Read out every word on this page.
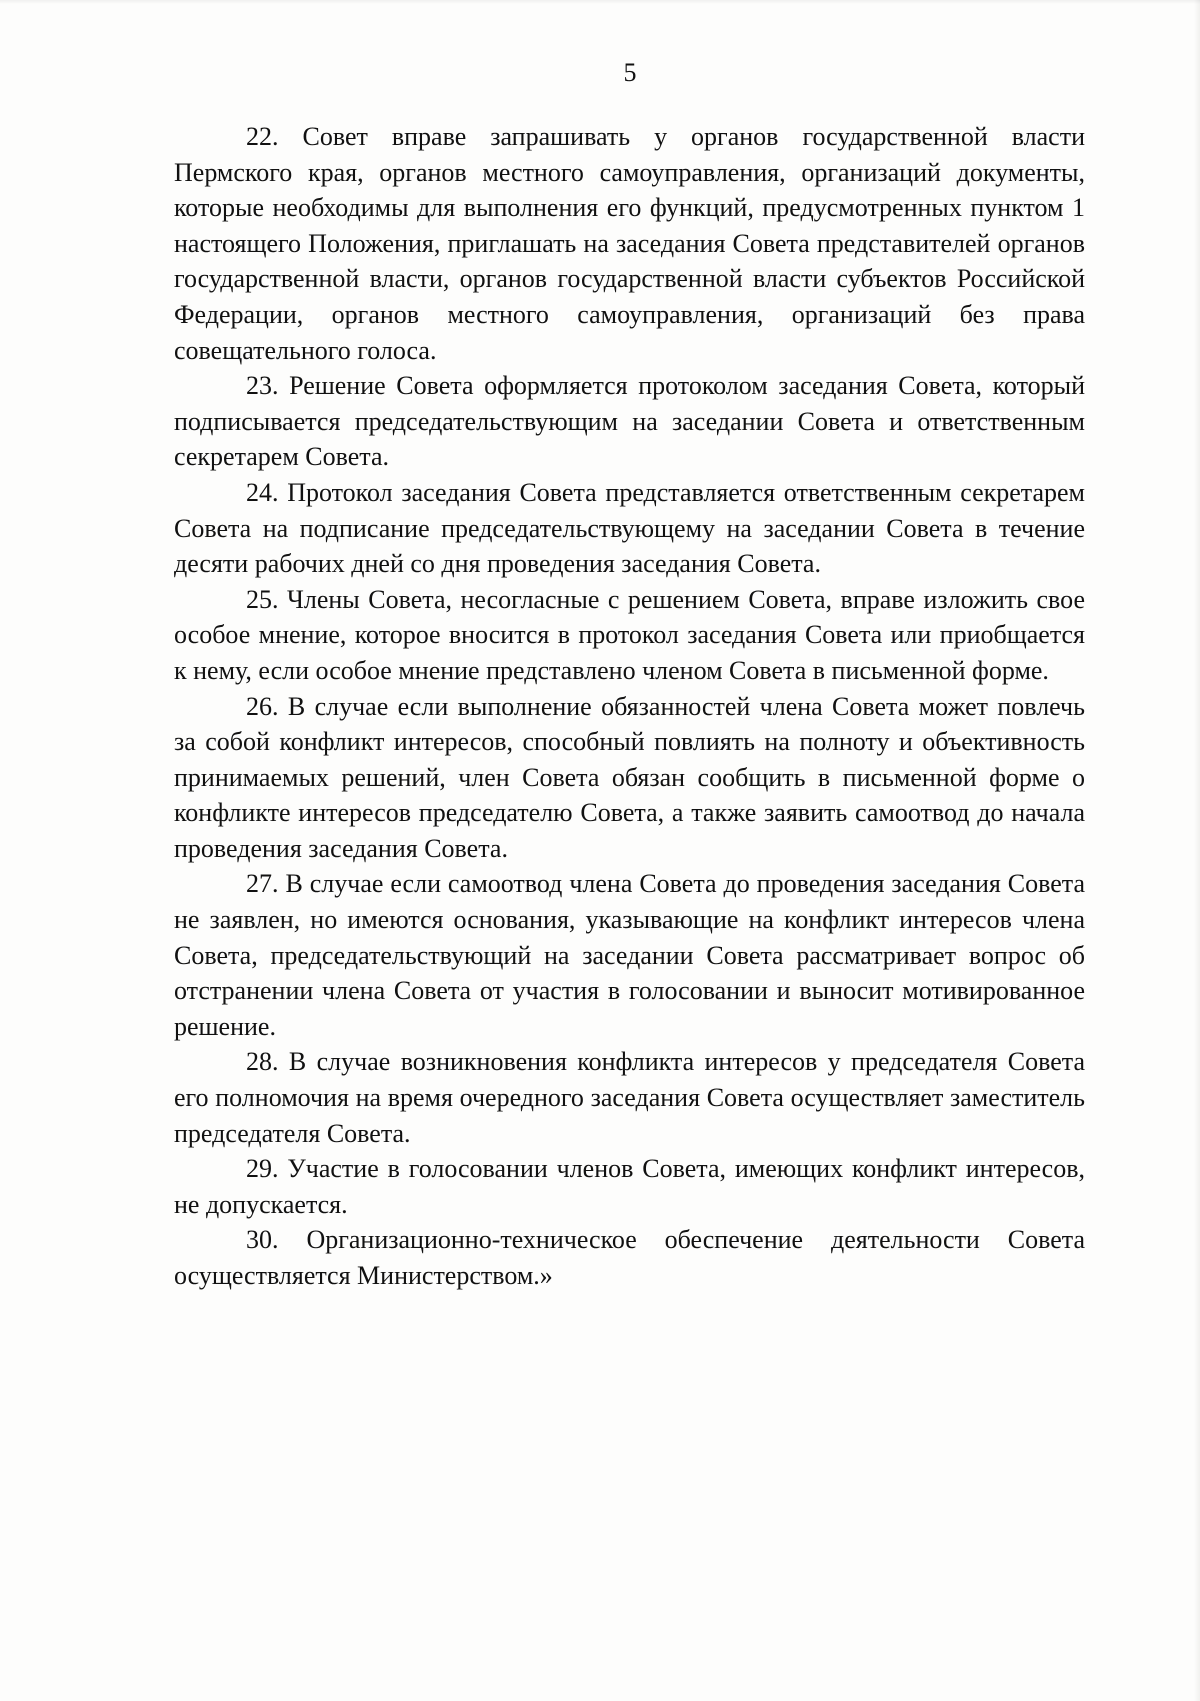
5

22. Совет вправе запрашивать у органов государственной власти Пермского края, органов местного самоуправления, организаций документы, которые необходимы для выполнения его функций, предусмотренных пунктом 1 настоящего Положения, приглашать на заседания Совета представителей органов государственной власти, органов государственной власти субъектов Российской Федерации, органов местного самоуправления, организаций без права совещательного голоса.

23. Решение Совета оформляется протоколом заседания Совета, который подписывается председательствующим на заседании Совета и ответственным секретарем Совета.

24. Протокол заседания Совета представляется ответственным секретарем Совета на подписание председательствующему на заседании Совета в течение десяти рабочих дней со дня проведения заседания Совета.

25. Члены Совета, несогласные с решением Совета, вправе изложить свое особое мнение, которое вносится в протокол заседания Совета или приобщается к нему, если особое мнение представлено членом Совета в письменной форме.

26. В случае если выполнение обязанностей члена Совета может повлечь за собой конфликт интересов, способный повлиять на полноту и объективность принимаемых решений, член Совета обязан сообщить в письменной форме о конфликте интересов председателю Совета, а также заявить самоотвод до начала проведения заседания Совета.

27. В случае если самоотвод члена Совета до проведения заседания Совета не заявлен, но имеются основания, указывающие на конфликт интересов члена Совета, председательствующий на заседании Совета рассматривает вопрос об отстранении члена Совета от участия в голосовании и выносит мотивированное решение.

28. В случае возникновения конфликта интересов у председателя Совета его полномочия на время очередного заседания Совета осуществляет заместитель председателя Совета.

29. Участие в голосовании членов Совета, имеющих конфликт интересов, не допускается.

30. Организационно-техническое обеспечение деятельности Совета осуществляется Министерством.»
